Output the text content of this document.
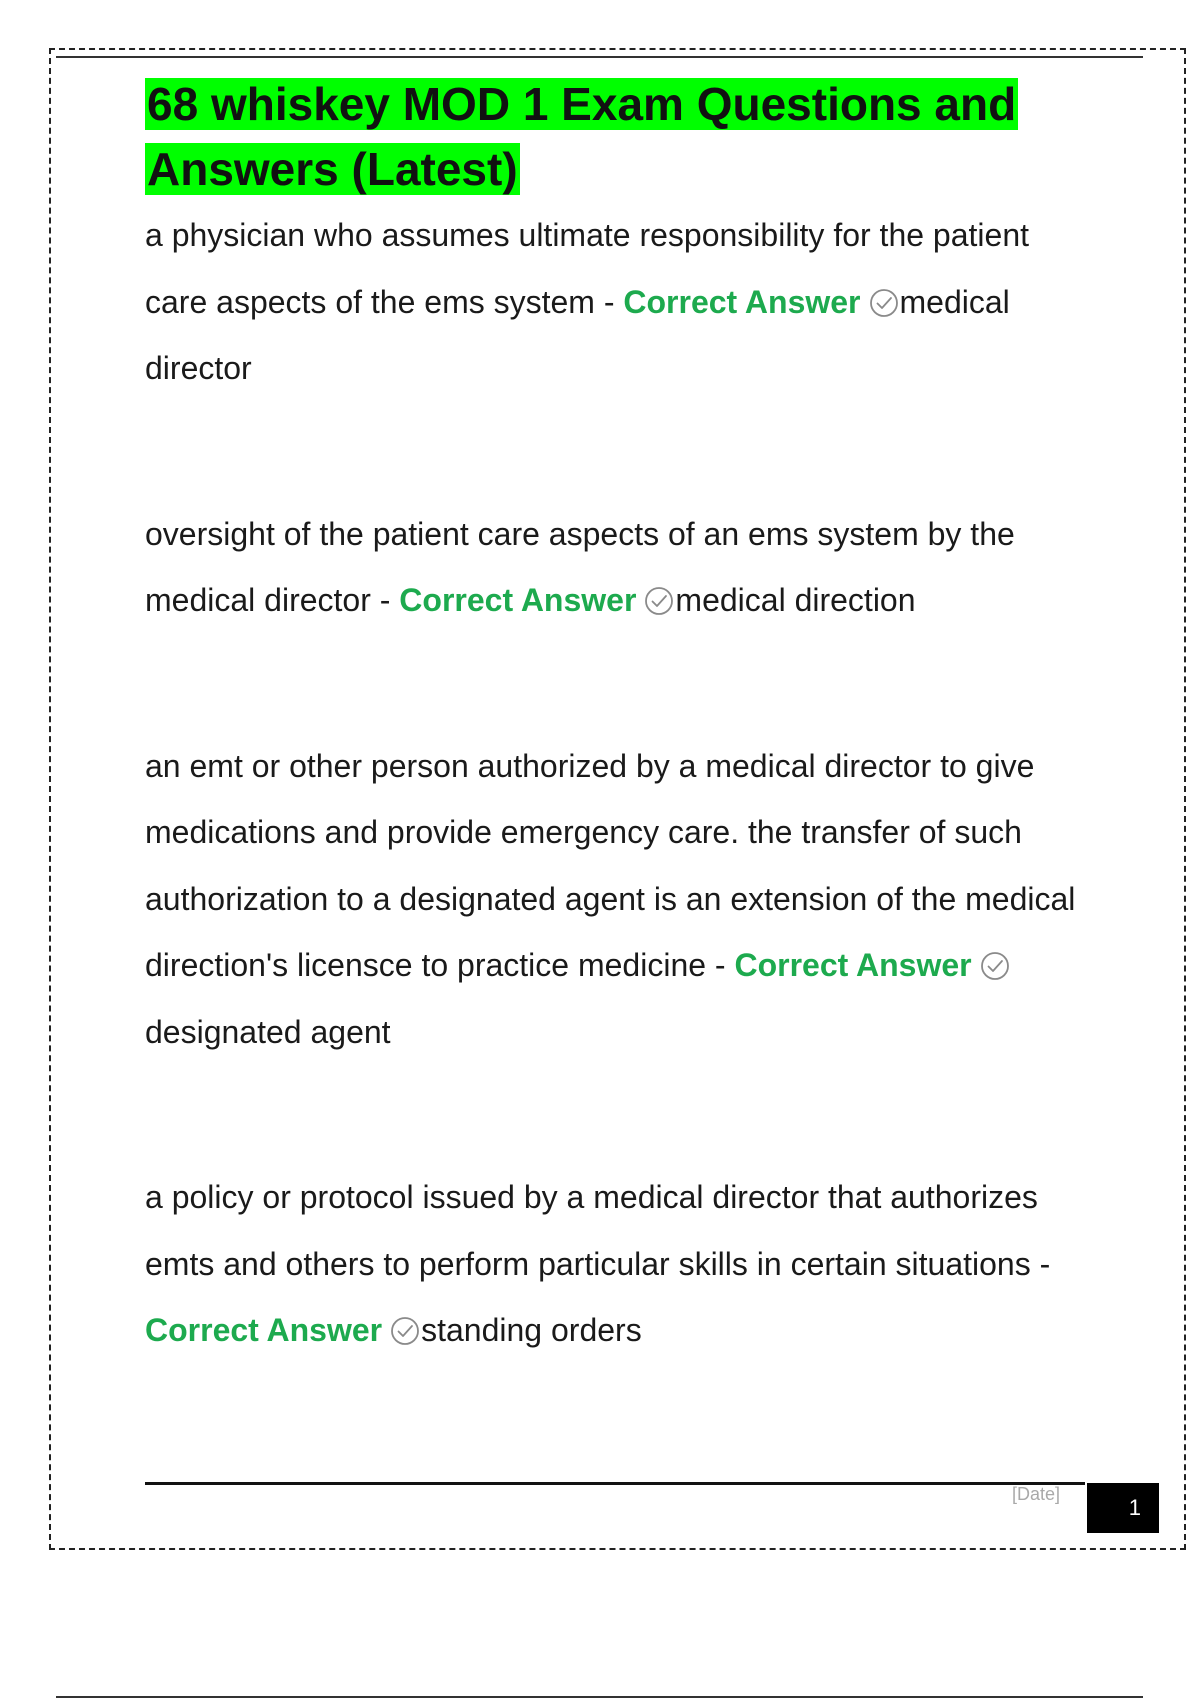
68 whiskey MOD 1 Exam Questions and Answers (Latest)

a physician who assumes ultimate responsibility for the patient care aspects of the ems system - Correct Answer medical director

oversight of the patient care aspects of an ems system by the medical director - Correct Answer medical direction

an emt or other person authorized by a medical director to give medications and provide emergency care. the transfer of such authorization to a designated agent is an extension of the medical direction's licensce to practice medicine - Correct Answer
designated agent

a policy or protocol issued by a medical director that authorizes emts and others to perform particular skills in certain situations - Correct Answer standing orders

[Date]
1
